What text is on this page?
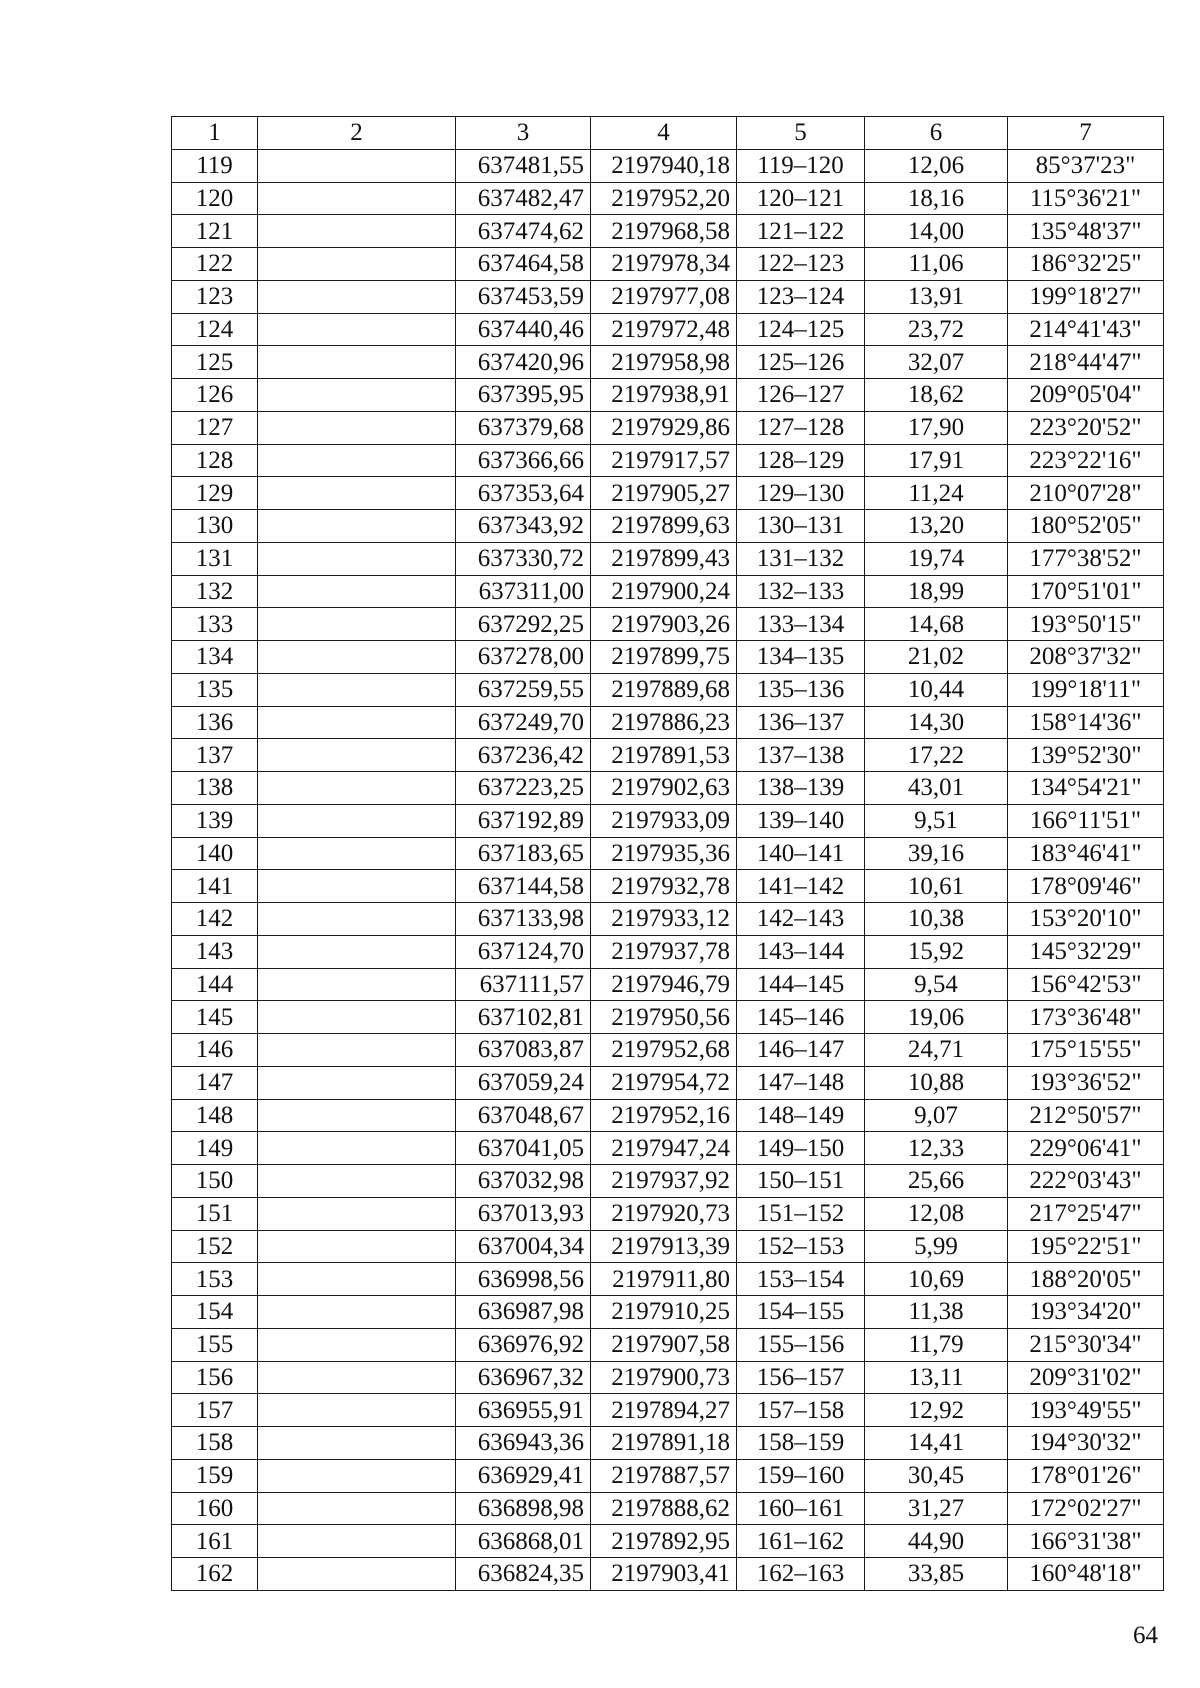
1	2	3	4	5	6	7
119		637481,55	2197940,18	119–120	12,06	85°37'23"
120		637482,47	2197952,20	120–121	18,16	115°36'21"
121		637474,62	2197968,58	121–122	14,00	135°48'37"
122		637464,58	2197978,34	122–123	11,06	186°32'25"
123		637453,59	2197977,08	123–124	13,91	199°18'27"
124		637440,46	2197972,48	124–125	23,72	214°41'43"
125		637420,96	2197958,98	125–126	32,07	218°44'47"
126		637395,95	2197938,91	126–127	18,62	209°05'04"
127		637379,68	2197929,86	127–128	17,90	223°20'52"
128		637366,66	2197917,57	128–129	17,91	223°22'16"
129		637353,64	2197905,27	129–130	11,24	210°07'28"
130		637343,92	2197899,63	130–131	13,20	180°52'05"
131		637330,72	2197899,43	131–132	19,74	177°38'52"
132		637311,00	2197900,24	132–133	18,99	170°51'01"
133		637292,25	2197903,26	133–134	14,68	193°50'15"
134		637278,00	2197899,75	134–135	21,02	208°37'32"
135		637259,55	2197889,68	135–136	10,44	199°18'11"
136		637249,70	2197886,23	136–137	14,30	158°14'36"
137		637236,42	2197891,53	137–138	17,22	139°52'30"
138		637223,25	2197902,63	138–139	43,01	134°54'21"
139		637192,89	2197933,09	139–140	9,51	166°11'51"
140		637183,65	2197935,36	140–141	39,16	183°46'41"
141		637144,58	2197932,78	141–142	10,61	178°09'46"
142		637133,98	2197933,12	142–143	10,38	153°20'10"
143		637124,70	2197937,78	143–144	15,92	145°32'29"
144		637111,57	2197946,79	144–145	9,54	156°42'53"
145		637102,81	2197950,56	145–146	19,06	173°36'48"
146		637083,87	2197952,68	146–147	24,71	175°15'55"
147		637059,24	2197954,72	147–148	10,88	193°36'52"
148		637048,67	2197952,16	148–149	9,07	212°50'57"
149		637041,05	2197947,24	149–150	12,33	229°06'41"
150		637032,98	2197937,92	150–151	25,66	222°03'43"
151		637013,93	2197920,73	151–152	12,08	217°25'47"
152		637004,34	2197913,39	152–153	5,99	195°22'51"
153		636998,56	2197911,80	153–154	10,69	188°20'05"
154		636987,98	2197910,25	154–155	11,38	193°34'20"
155		636976,92	2197907,58	155–156	11,79	215°30'34"
156		636967,32	2197900,73	156–157	13,11	209°31'02"
157		636955,91	2197894,27	157–158	12,92	193°49'55"
158		636943,36	2197891,18	158–159	14,41	194°30'32"
159		636929,41	2197887,57	159–160	30,45	178°01'26"
160		636898,98	2197888,62	160–161	31,27	172°02'27"
161		636868,01	2197892,95	161–162	44,90	166°31'38"
162		636824,35	2197903,41	162–163	33,85	160°48'18"
64
